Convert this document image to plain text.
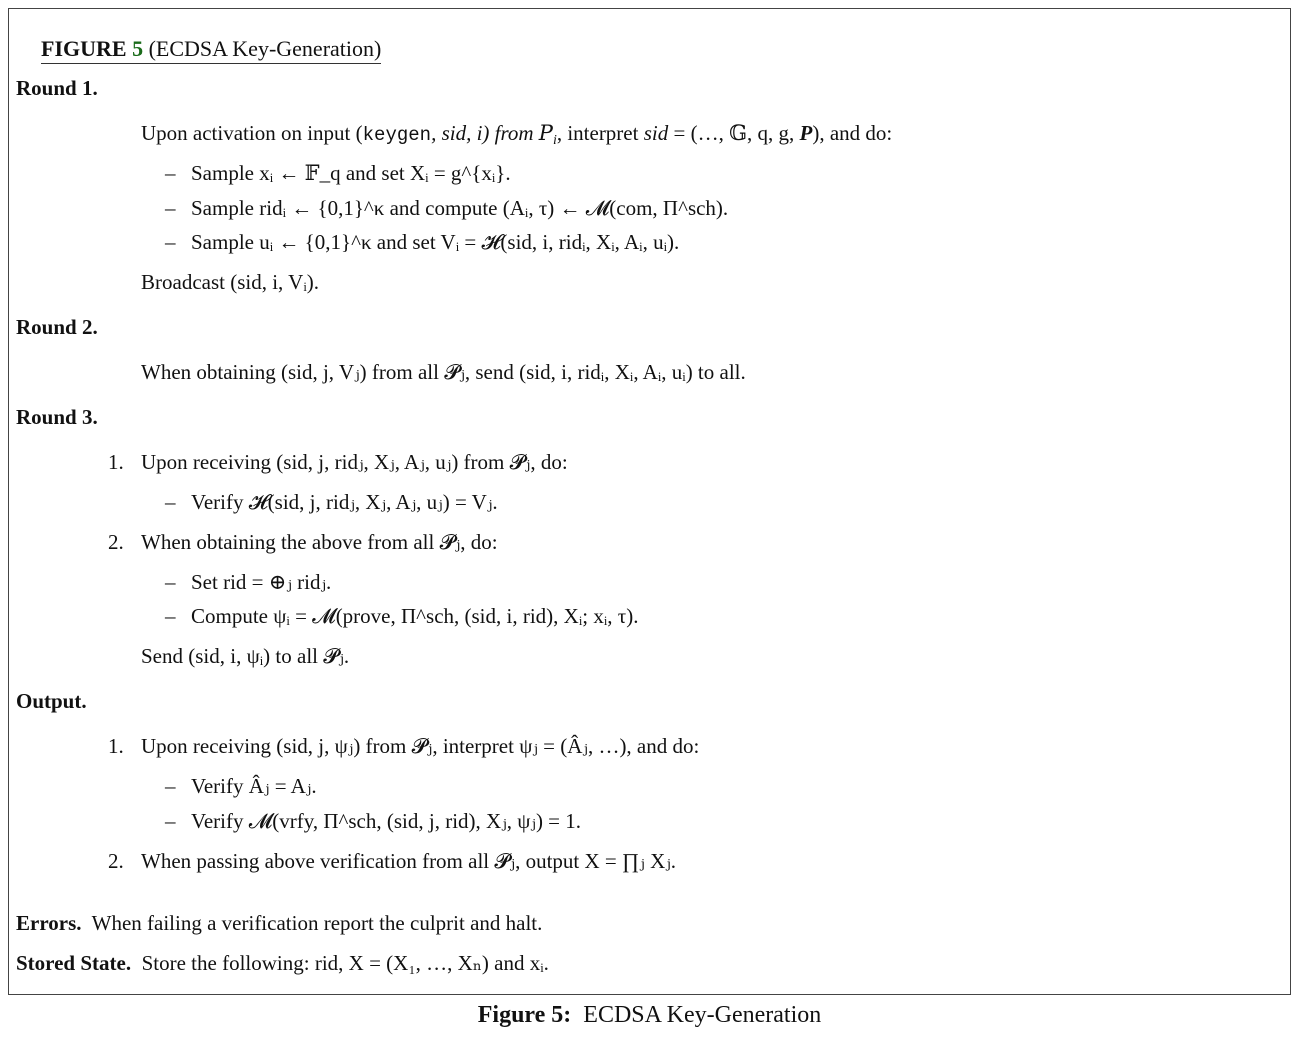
FIGURE 5 (ECDSA Key-Generation)
Round 1.
Upon activation on input (keygen, sid, i) from $P_i$, interpret sid = (…, 𝔾, q, g, P), and do:
– Sample xᵢ ← 𝔽_q and set Xᵢ = g^{xᵢ}.
– Sample ridᵢ ← {0,1}^κ and compute (Aᵢ, τ) ← 𝓜(com, Π^sch).
– Sample uᵢ ← {0,1}^κ and set Vᵢ = 𝓗(sid, i, ridᵢ, Xᵢ, Aᵢ, uᵢ).
Broadcast (sid, i, Vᵢ).
Round 2.
When obtaining (sid, j, Vⱼ) from all 𝓟ⱼ, send (sid, i, ridᵢ, Xᵢ, Aᵢ, uᵢ) to all.
Round 3.
1. Upon receiving (sid, j, ridⱼ, Xⱼ, Aⱼ, uⱼ) from 𝓟ⱼ, do:
– Verify 𝓗(sid, j, ridⱼ, Xⱼ, Aⱼ, uⱼ) = Vⱼ.
2. When obtaining the above from all 𝓟ⱼ, do:
– Set rid = ⊕ⱼ ridⱼ.
– Compute ψᵢ = 𝓜(prove, Π^sch, (sid, i, rid), Xᵢ; xᵢ, τ).
Send (sid, i, ψᵢ) to all 𝓟ⱼ.
Output.
1. Upon receiving (sid, j, ψⱼ) from 𝓟ⱼ, interpret ψⱼ = (Âⱼ, …), and do:
– Verify Âⱼ = Aⱼ.
– Verify 𝓜(vrfy, Π^sch, (sid, j, rid), Xⱼ, ψⱼ) = 1.
2. When passing above verification from all 𝓟ⱼ, output X = ∏ⱼ Xⱼ.
Errors. When failing a verification report the culprit and halt.
Stored State. Store the following: rid, X = (X₁, …, Xₙ) and xᵢ.
Figure 5: ECDSA Key-Generation
